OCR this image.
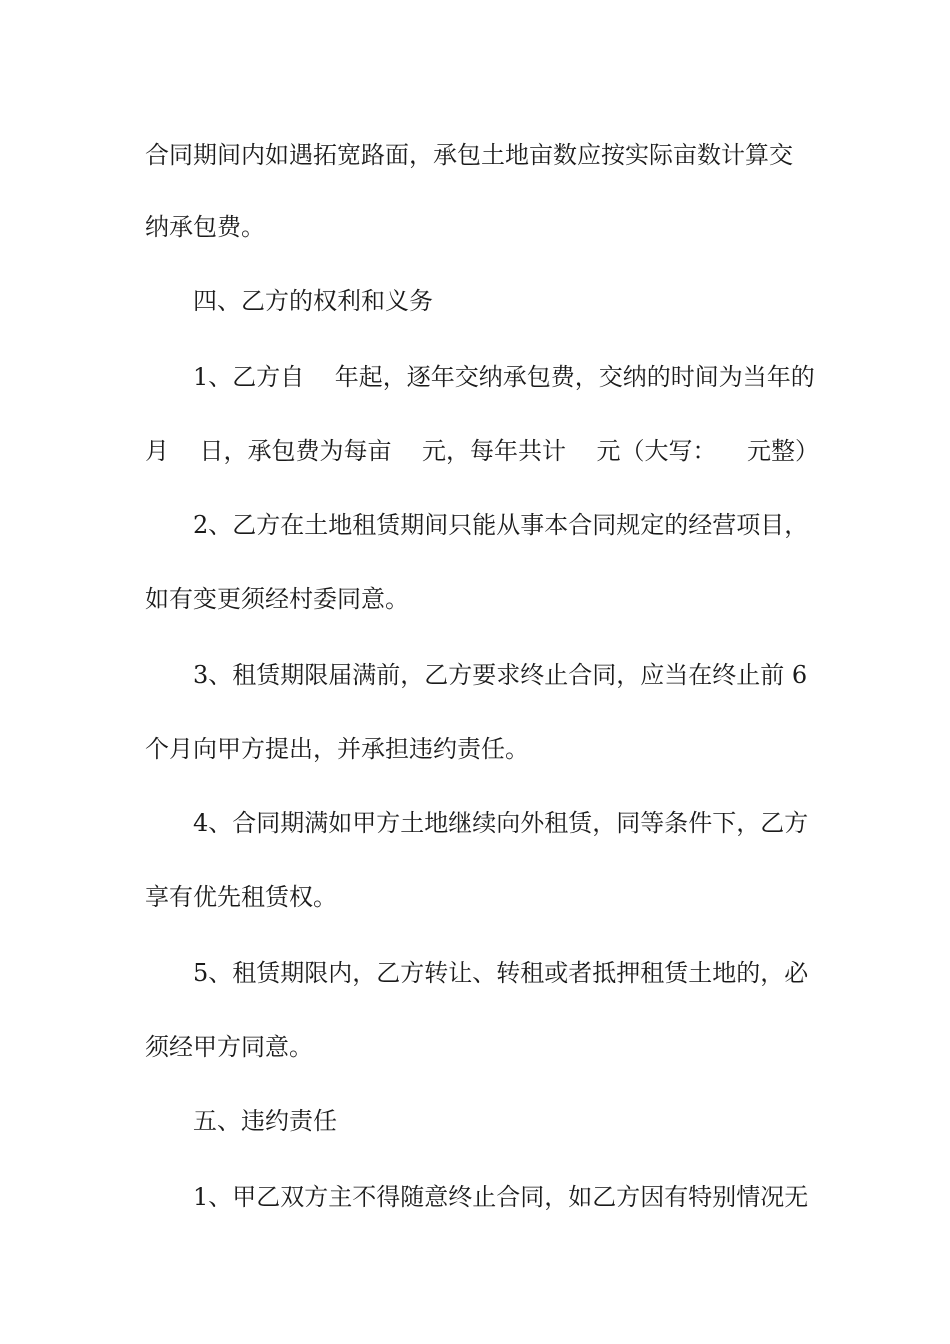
合同期间内如遇拓宽路面，承包土地亩数应按实际亩数计算交
纳承包费。
四、乙方的权利和义务
1、乙方自    年起，逐年交纳承包费，交纳的时间为当年的
月    日，承包费为每亩    元，每年共计    元（大写：    元整）
2、乙方在土地租赁期间只能从事本合同规定的经营项目，
如有变更须经村委同意。
3、租赁期限届满前，乙方要求终止合同，应当在终止前 6
个月向甲方提出，并承担违约责任。
4、合同期满如甲方土地继续向外租赁，同等条件下，乙方
享有优先租赁权。
5、租赁期限内，乙方转让、转租或者抵押租赁土地的，必
须经甲方同意。
五、违约责任
1、甲乙双方主不得随意终止合同，如乙方因有特别情况无
